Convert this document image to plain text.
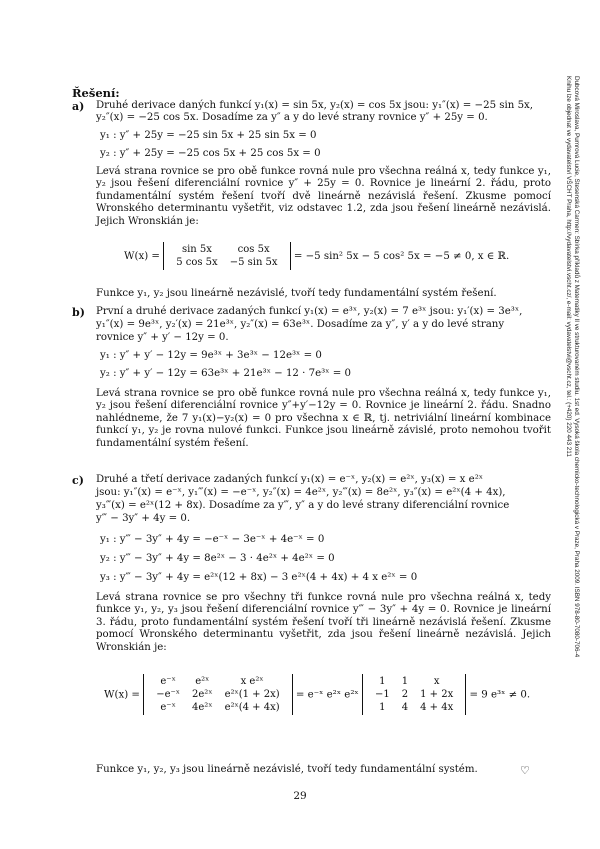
Dubcová Miroslava, Pumrová Lucie, Stesenská Carmen: Sbírka příkladů z Matematiky II ve strukturovaném studiu. 1st ed. Vysoká škola chemicko-technologická v Praze, Praha 2009. ISBN 978-80-7080-706-4
Knihu lze objednat ve vydavatelství VŠCHT Praha, http://vydavatelstvi.vscht.cz/, e-mail: vydavatelstvi@vscht.cz, tel.: (+420) 220 443 211
Řešení:
a) Druhé derivace daných funkcí y₁(x) = sin 5x, y₂(x) = cos 5x jsou: y₁″(x) = −25 sin 5x,
y₂″(x) = −25 cos 5x. Dosadíme za y″ a y do levé strany rovnice y″ + 25y = 0.
y₁ : y″ + 25y = −25 sin 5x + 25 sin 5x = 0
y₂ : y″ + 25y = −25 cos 5x + 25 cos 5x = 0
Levá strana rovnice se pro obě funkce rovná nule pro všechna reálná x, tedy funkce y₁, y₂ jsou řešení diferenciální rovnice y″ + 25y = 0. Rovnice je lineární 2. řádu, proto fundamentální systém řešení tvoří dvě lineárně nezávislá řešení. Zkusme pomocí Wronského determinantu vyšetřit, viz odstavec 1.2, zda jsou řešení lineárně nezávislá. Jejich Wronskián je:
W(x) =
sin 5x	cos 5x
5 cos 5x	−5 sin 5x
= −5 sin² 5x − 5 cos² 5x = −5 ≠ 0, x ∈ ℝ.
Funkce y₁, y₂ jsou lineárně nezávislé, tvoří tedy fundamentální systém řešení.
b) První a druhé derivace zadaných funkcí y₁(x) = e³ˣ, y₂(x) = 7 e³ˣ jsou: y₁′(x) = 3e³ˣ,
y₁″(x) = 9e³ˣ, y₂′(x) = 21e³ˣ, y₂″(x) = 63e³ˣ. Dosadíme za y″, y′ a y do levé strany
rovnice y″ + y′ − 12y = 0.
y₁ : y″ + y′ − 12y = 9e³ˣ + 3e³ˣ − 12e³ˣ = 0
y₂ : y″ + y′ − 12y = 63e³ˣ + 21e³ˣ − 12 · 7e³ˣ = 0
Levá strana rovnice se pro obě funkce rovná nule pro všechna reálná x, tedy funkce y₁, y₂ jsou řešení diferenciální rovnice y″+y′−12y = 0. Rovnice je lineární 2. řádu. Snadno nahlédneme, že 7 y₁(x)−y₂(x) = 0 pro všechna x ∈ ℝ, tj. netriviální lineární kombinace funkcí y₁, y₂ je rovna nulové funkci. Funkce jsou lineárně závislé, proto nemohou tvořit fundamentální systém řešení.
c) Druhé a třetí derivace zadaných funkcí y₁(x) = e⁻ˣ, y₂(x) = e²ˣ, y₃(x) = x e²ˣ
jsou: y₁″(x) = e⁻ˣ, y₁‴(x) = −e⁻ˣ, y₂″(x) = 4e²ˣ, y₂‴(x) = 8e²ˣ, y₃″(x) = e²ˣ(4 + 4x),
y₃‴(x) = e²ˣ(12 + 8x). Dosadíme za y‴, y″ a y do levé strany diferenciální rovnice
y‴ − 3y″ + 4y = 0.
y₁ : y‴ − 3y″ + 4y = −e⁻ˣ − 3e⁻ˣ + 4e⁻ˣ = 0
y₂ : y‴ − 3y″ + 4y = 8e²ˣ − 3 · 4e²ˣ + 4e²ˣ = 0
y₃ : y‴ − 3y″ + 4y = e²ˣ(12 + 8x) − 3 e²ˣ(4 + 4x) + 4 x e²ˣ = 0
Levá strana rovnice se pro všechny tři funkce rovná nule pro všechna reálná x, tedy funkce y₁, y₂, y₃ jsou řešení diferenciální rovnice y‴ − 3y″ + 4y = 0. Rovnice je lineární 3. řádu, proto fundamentální systém řešení tvoří tři lineárně nezávislá řešení. Zkusme pomocí Wronského determinantu vyšetřit, zda jsou řešení lineárně nezávislá. Jejich Wronskián je:
W(x) =
e⁻ˣ	e²ˣ	x e²ˣ
−e⁻ˣ	2e²ˣ	e²ˣ(1 + 2x)
e⁻ˣ	4e²ˣ	e²ˣ(4 + 4x)
= e⁻ˣ e²ˣ e²ˣ
1	1	x
−1	2	1 + 2x
1	4	4 + 4x
= 9 e³ˣ ≠ 0.
Funkce y₁, y₂, y₃ jsou lineárně nezávislé, tvoří tedy fundamentální systém.	♡
29
